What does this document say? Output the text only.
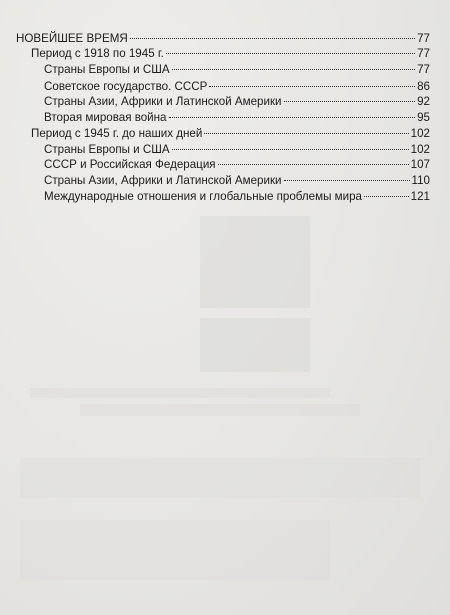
НОВЕЙШЕЕ ВРЕМЯ	77
Период с 1918 по 1945 г.	77
Страны Европы и США	77
Советское государство. СССР	86
Страны Азии, Африки и Латинской Америки	92
Вторая мировая война	95
Период с 1945 г. до наших дней	102
Страны Европы и США	102
СССР и Российская Федерация	107
Страны Азии, Африки и Латинской Америки	110
Международные отношения и глобальные проблемы мира	121
